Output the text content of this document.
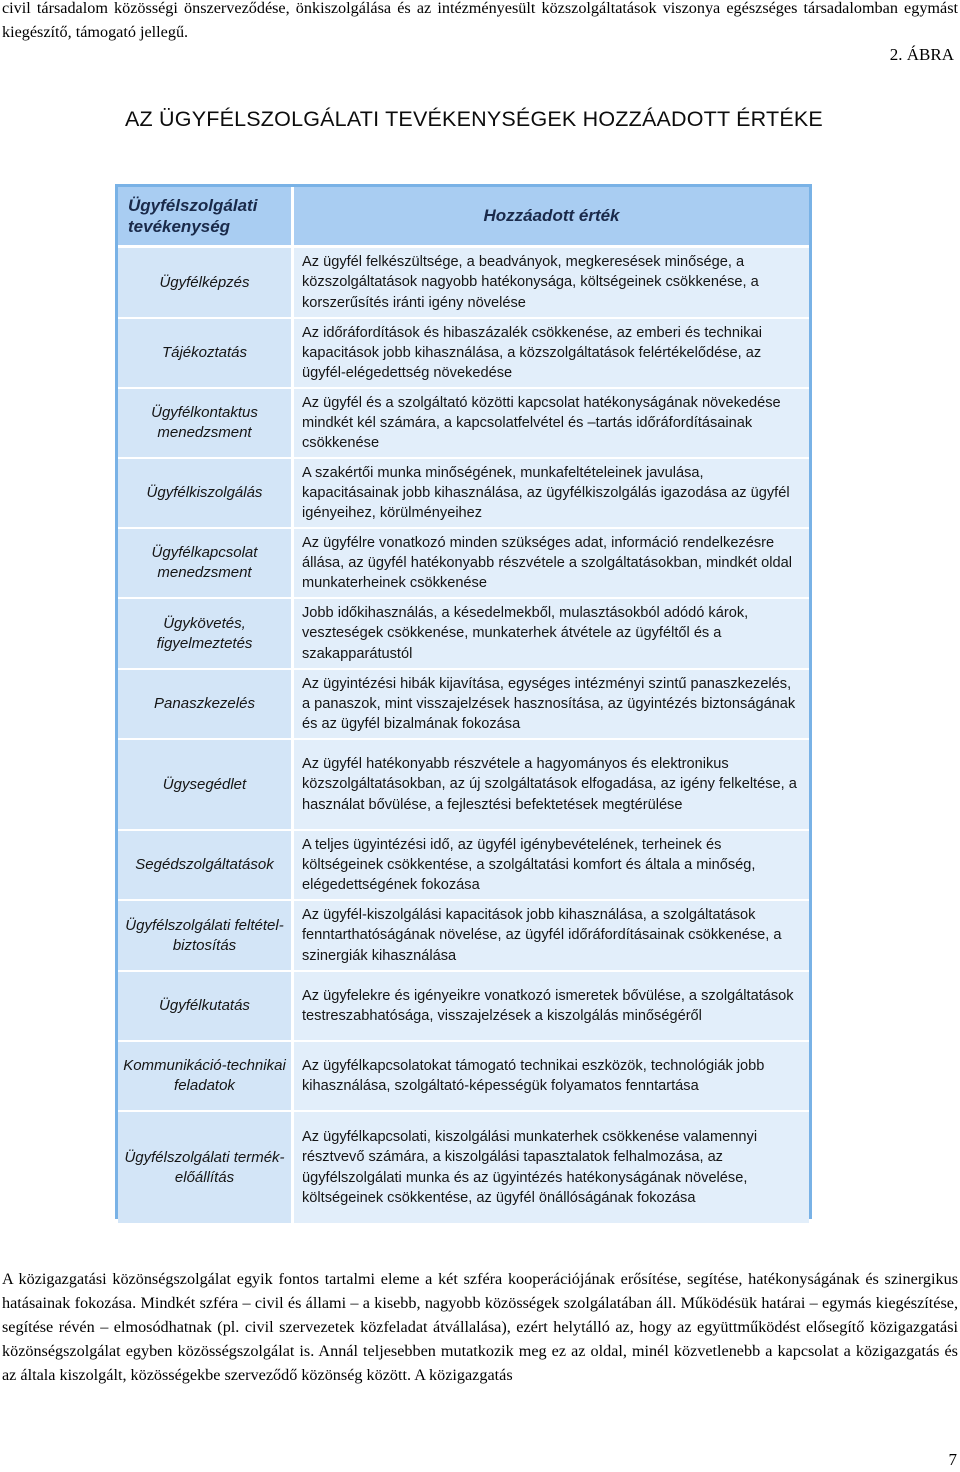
civil társadalom közösségi önszerveződése, önkiszolgálása és az intézményesült közszolgáltatások viszonya egészséges társadalomban egymást kiegészítő, támogató jellegű.

2. ÁBRA
AZ ÜGYFÉLSZOLGÁLATI TEVÉKENYSÉGEK HOZZÁADOTT ÉRTÉKE
Ügyfélszolgálati tevékenység
Hozzáadott érték
Ügyfélképzés
Az ügyfél felkészültsége, a beadványok, megkeresések minősége, a közszolgáltatások nagyobb hatékonysága, költségeinek csökkenése, a korszerűsítés iránti igény növelése
Tájékoztatás
Az időráfordítások és hibaszázalék csökkenése, az emberi és technikai kapacitások jobb kihasználása, a közszolgáltatások felértékelődése, az ügyfél-elégedettség növekedése
Ügyfélkontaktus menedzsment
Az ügyfél és a szolgáltató közötti kapcsolat hatékonyságának növekedése mindkét kél számára, a kapcsolatfelvétel és –tartás időráfordításainak csökkenése
Ügyfélkiszolgálás
A szakértői munka minőségének, munkafeltételeinek javulása, kapacitásainak jobb kihasználása, az ügyfélkiszolgálás igazodása az ügyfél igényeihez, körülményeihez
Ügyfélkapcsolat menedzsment
Az ügyfélre vonatkozó minden szükséges adat, információ rendelkezésre állása, az ügyfél hatékonyabb részvétele a szolgáltatásokban, mindkét oldal munkaterheinek csökkenése
Ügykövetés, figyelmeztetés
Jobb időkihasználás, a késedelmekből, mulasztásokból adódó károk, veszteségek csökkenése, munkaterhek átvétele az ügyféltől és a szakapparátustól
Panaszkezelés
Az ügyintézési hibák kijavítása, egységes intézményi szintű panaszkezelés, a panaszok, mint visszajelzések hasznosítása, az ügyintézés biztonságának és az ügyfél bizalmának fokozása
Ügysegédlet
Az ügyfél hatékonyabb részvétele a hagyományos és elektronikus közszolgáltatásokban, az új szolgáltatások elfogadása, az igény felkeltése, a használat bővülése, a fejlesztési befektetések megtérülése
Segédszolgáltatások
A teljes ügyintézési idő, az ügyfél igénybevételének, terheinek és költségeinek csökkentése, a szolgáltatási komfort és általa a minőség, elégedettségének fokozása
Ügyfélszolgálati feltétel-biztosítás
Az ügyfél-kiszolgálási kapacitások jobb kihasználása, a szolgáltatások fenntarthatóságának növelése, az ügyfél időráfordításainak csökkenése, a szinergiák kihasználása
Ügyfélkutatás
Az ügyfelekre és igényeikre vonatkozó ismeretek bővülése, a szolgáltatások testreszabhatósága, visszajelzések a kiszolgálás minőségéről
Kommunikáció-technikai feladatok
Az ügyfélkapcsolatokat támogató technikai eszközök, technológiák jobb kihasználása, szolgáltató-képességük folyamatos fenntartása
Ügyfélszolgálati termék-előállítás
Az ügyfélkapcsolati, kiszolgálási munkaterhek csökkenése valamennyi résztvevő számára, a kiszolgálási tapasztalatok felhalmozása, az ügyfélszolgálati munka és az ügyintézés hatékonyságának növelése, költségeinek csökkentése, az ügyfél önállóságának fokozása

A közigazgatási közönségszolgálat egyik fontos tartalmi eleme a két szféra kooperációjának erősítése, segítése, hatékonyságának és szinergikus hatásainak fokozása. Mindkét szféra – civil és állami – a kisebb, nagyobb közösségek szolgálatában áll. Működésük határai – egymás kiegészítése, segítése révén – elmosódhatnak (pl. civil szervezetek közfeladat átvállalása), ezért helytálló az, hogy az együttműködést elősegítő közigazgatási közönségszolgálat egyben közösségszolgálat is. Annál teljesebben mutatkozik meg ez az oldal, minél közvetlenebb a kapcsolat a közigazgatás és az általa kiszolgált, közösségekbe szerveződő közönség között. A közigazgatás

7
